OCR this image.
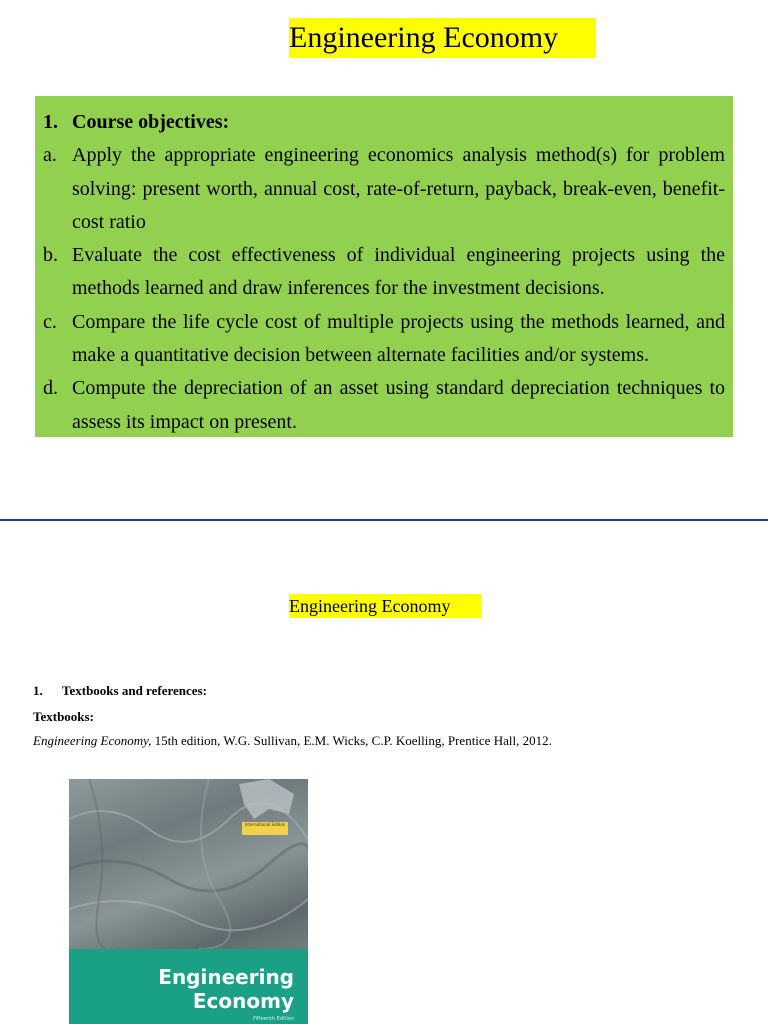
Engineering Economy
1. Course objectives:
a. Apply the appropriate engineering economics analysis method(s) for problem solving: present worth, annual cost, rate-of-return, payback, break-even, benefit-cost ratio
b. Evaluate the cost effectiveness of individual engineering projects using the methods learned and draw inferences for the investment decisions.
c. Compare the life cycle cost of multiple projects using the methods learned, and make a quantitative decision between alternate facilities and/or systems.
d. Compute the depreciation of an asset using standard depreciation techniques to assess its impact on present.
Engineering Economy
1.	Textbooks and references:
Textbooks:
Engineering Economy, 15th edition, W.G. Sullivan, E.M. Wicks, C.P. Koelling, Prentice Hall, 2012.
International Edition
Engineering
Economy
Fifteenth Edition
